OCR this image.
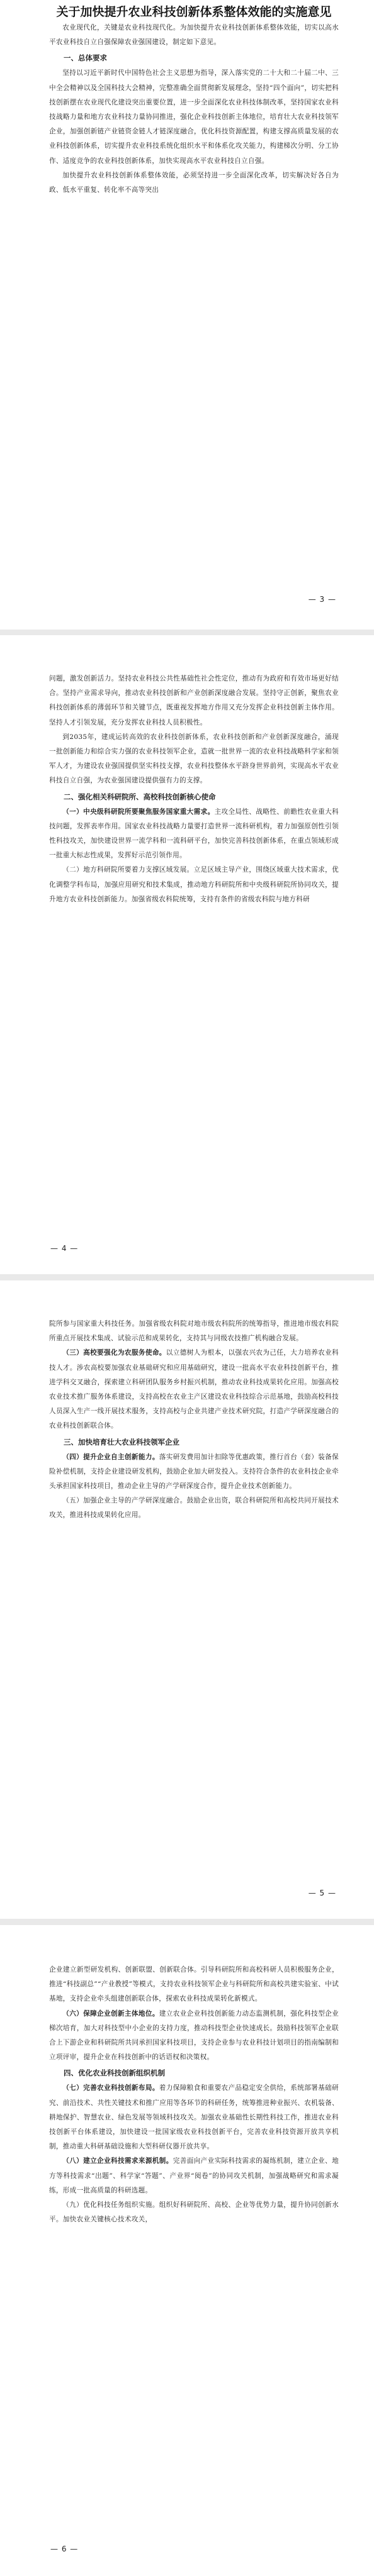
关于加快提升农业科技创新体系整体效能的实施意见

农业现代化，关键是农业科技现代化。为加快提升农业科技创新体系整体效能，切实以高水平农业科技自立自强保障农业强国建设，制定如下意见。

一、总体要求

坚持以习近平新时代中国特色社会主义思想为指导，深入落实党的二十大和二十届二中、三中全会精神以及全国科技大会精神，完整准确全面贯彻新发展理念，坚持“四个面向”，切实把科技创新摆在农业现代化建设突出重要位置，进一步全面深化农业科技体制改革，坚持国家农业科技战略力量和地方农业科技力量协同推进，强化企业科技创新主体地位，培育壮大农业科技领军企业，加强创新链产业链资金链人才链深度融合，优化科技资源配置，构建支撑高质量发展的农业科技创新体系，切实提升农业科技系统化组织水平和体系化攻关能力，构建梯次分明、分工协作、适度竞争的农业科技创新体系，加快实现高水平农业科技自立自强。

加快提升农业科技创新体系整体效能，必须坚持进一步全面深化改革，切实解决好各自为政、低水平重复、转化率不高等突出

— 3 —

问题，激发创新活力。坚持农业科技公共性基础性社会性定位，推动有为政府和有效市场更好结合。坚持产业需求导向，推动农业科技创新和产业创新深度融合发展。坚持守正创新，聚焦农业科技创新体系的薄弱环节和关键节点，既重视发挥地方作用又充分发挥企业科技创新主体作用。坚持人才引领发展，充分发挥农业科技人员积极性。

到2035年，建成运转高效的农业科技创新体系，农业科技创新和产业创新深度融合，涌现一批创新能力和综合实力强的农业科技领军企业，造就一批世界一流的农业科技战略科学家和领军人才，为建设农业强国提供坚实科技支撑，农业科技整体水平跻身世界前列，实现高水平农业科技自立自强，为农业强国建设提供强有力的支撑。

二、强化相关科研院所、高校科技创新核心使命

（一）中央级科研院所要聚焦服务国家重大需求。主攻全局性、战略性、前瞻性农业重大科技问题，发挥表率作用。国家农业科技战略力量要打造世界一流科研机构，着力加强原创性引领性科技攻关，加快建设世界一流学科和一流科研平台，加快完善科技创新体系，在重点领域形成一批重大标志性成果，发挥好示范引领作用。

（二）地方科研院所要着力支撑区域发展。立足区域主导产业，围绕区域重大技术需求，优化调整学科布局，加强应用研究和技术集成，推动地方科研院所和中央级科研院所协同攻关，提升地方农业科技创新能力。加强省级农科院统筹，支持有条件的省级农科院与地方科研

— 4 —

院所参与国家重大科技任务。加强省级农科院对地市级农科院所的统筹指导，推进地市级农科院所重点开展技术集成、试验示范和成果转化，支持其与同级农技推广机构融合发展。

（三）高校要强化为农服务使命。以立德树人为根本，以强农兴农为己任，大力培养农业科技人才。涉农高校要加强农业基础研究和应用基础研究，建设一批高水平农业科技创新平台，推进学科交叉融合，探索建立科研团队服务乡村振兴机制，推动农业科技成果转化应用。加强高校农业技术推广服务体系建设，支持高校在农业主产区建设农业科技综合示范基地，鼓励高校科技人员深入生产一线开展技术服务，支持高校与企业共建产业技术研究院，打造产学研深度融合的农业科技创新联合体。

三、加快培育壮大农业科技领军企业

（四）提升企业自主创新能力。落实研发费用加计扣除等优惠政策，推行首台（套）装备保险补偿机制，支持企业建设研发机构，鼓励企业加大研发投入。支持符合条件的农业科技企业牵头承担国家科技项目，推动企业主导的产学研深度合作，提升企业技术创新能力。

（五）加强企业主导的产学研深度融合。鼓励企业出资，联合科研院所和高校共同开展技术攻关，推进科技成果转化应用。

— 5 —

企业建立新型研发机构、创新联盟、创新联合体。引导科研院所和高校科研人员积极服务企业，推进“科技副总”“产业教授”等模式，支持农业科技领军企业与科研院所和高校共建实验室、中试基地，支持企业牵头组建创新联合体，探索农业科技成果转化新模式。

（六）保障企业创新主体地位。建立农业企业科技创新能力动态监测机制，强化科技型企业梯次培育，加大对科技型中小企业的支持力度，推动科技型企业快速成长。鼓励科技领军企业联合上下游企业和科研院所共同承担国家科技项目，支持企业参与农业科技计划项目的指南编制和立项评审，提升企业在科技创新中的话语权和决策权。

四、优化农业科技创新组织机制

（七）完善农业科技创新布局。着力保障粮食和重要农产品稳定安全供给，系统部署基础研究、前沿技术、共性关键技术和推广应用等各环节的科研任务，统筹推进种业振兴、农机装备、耕地保护、智慧农业、绿色发展等领域科技攻关。加强农业基础性长期性科技工作，推进农业科技创新平台体系建设，加快建设一批国家级农业科技创新平台，完善农业科技资源开放共享机制，推动重大科研基础设施和大型科研仪器开放共享。

（八）建立企业科技需求来源机制。完善面向产业实际科技需求的凝练机制，建立企业、地方等科技需求“出题”、科学家“答题”、产业界“阅卷”的协同攻关机制，加强战略研究和需求凝练，形成一批高质量的科研选题。

（九）优化科技任务组织实施。组织好科研院所、高校、企业等优势力量，提升协同创新水平。加快农业关键核心技术攻关，

— 6 —
